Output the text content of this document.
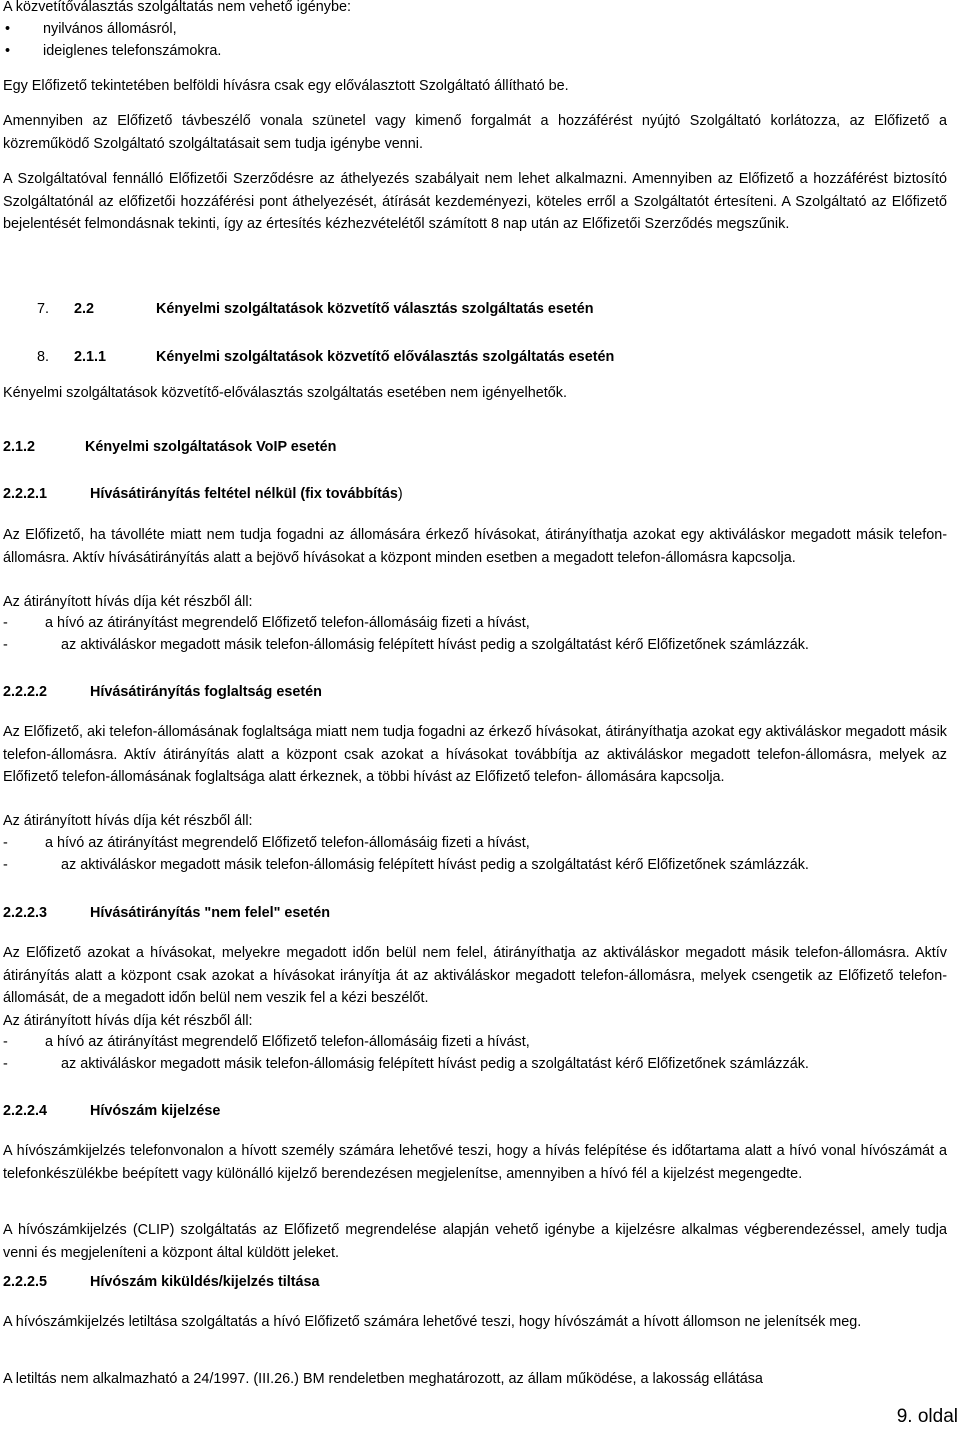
A közvetítőválasztás szolgáltatás nem vehető igénybe:

•	nyilvános állomásról,
•	ideiglenes telefonszámokra.

Egy Előfizető tekintetében belföldi hívásra csak egy előválasztott Szolgáltató állítható be.

Amennyiben az Előfizető távbeszélő vonala szünetel vagy kimenő forgalmát a hozzáférést nyújtó Szolgáltató korlátozza, az Előfizető a közreműködő Szolgáltató szolgáltatásait sem tudja igénybe venni.

A Szolgáltatóval fennálló Előfizetői Szerződésre az áthelyezés szabályait nem lehet alkalmazni. Amennyiben az Előfizető a hozzáférést biztosító Szolgáltatónál az előfizetői hozzáférési pont áthelyezését, átírását kezdeményezi, köteles erről a Szolgáltatót értesíteni. A Szolgáltató az Előfizető bejelentését felmondásnak tekinti, így az értesítés kézhezvételétől számított 8 nap után az Előfizetői Szerződés megszűnik.

7.	2.2	Kényelmi szolgáltatások közvetítő választás szolgáltatás esetén
8.	2.1.1	Kényelmi szolgáltatások közvetítő előválasztás szolgáltatás esetén

Kényelmi szolgáltatások közvetítő-előválasztás szolgáltatás esetében nem igényelhetők.

2.1.2	Kényelmi szolgáltatások VoIP esetén
2.2.2.1	Hívásátirányítás feltétel nélkül (fix továbbítás )

Az Előfizető, ha távolléte miatt nem tudja fogadni az állomására érkező hívásokat, átirányíthatja azokat egy aktiváláskor megadott másik telefon-állomásra. Aktív hívásátirányítás alatt a bejövő hívásokat a központ minden esetben a megadott telefon-állomásra kapcsolja.

Az átirányított hívás díja két részből áll:

-	a hívó az átirányítást megrendelő Előfizető telefon-állomásáig fizeti a hívást,
-	az aktiváláskor megadott másik telefon-állomásig felépített hívást pedig a szolgáltatást kérő Előfizetőnek számlázzák.
2.2.2.2	Hívásátirányítás foglaltság esetén

Az Előfizető, aki telefon-állomásának foglaltsága miatt nem tudja fogadni az érkező hívásokat, átirányíthatja azokat egy aktiváláskor megadott másik telefon-állomásra. Aktív átirányítás alatt a központ csak azokat a hívásokat továbbítja az aktiváláskor megadott telefon-állomásra, melyek az Előfizető telefon-állomásának foglaltsága alatt érkeznek, a többi hívást az Előfizető telefon- állomására kapcsolja.

Az átirányított hívás díja két részből áll:

-	a hívó az átirányítást megrendelő Előfizető telefon-állomásáig fizeti a hívást,
-	az aktiváláskor megadott másik telefon-állomásig felépített hívást pedig a szolgáltatást kérő Előfizetőnek számlázzák.
2.2.2.3	Hívásátirányítás "nem felel" esetén

Az Előfizető azokat a hívásokat, melyekre megadott időn belül nem felel, átirányíthatja az aktiváláskor megadott másik telefon-állomásra. Aktív átirányítás alatt a központ csak azokat a hívásokat irányítja át az aktiváláskor megadott telefon-állomásra, melyek csengetik az Előfizető telefon-állomását, de a megadott időn belül nem veszik fel a kézi beszélőt.

Az átirányított hívás díja két részből áll:

-	a hívó az átirányítást megrendelő Előfizető telefon-állomásáig fizeti a hívást,
-	az aktiváláskor megadott másik telefon-állomásig felépített hívást pedig a szolgáltatást kérő Előfizetőnek számlázzák.
2.2.2.4	Hívószám kijelzése

A hívószámkijelzés telefonvonalon a hívott személy számára lehetővé teszi, hogy a hívás felépítése és időtartama alatt a hívó vonal hívószámát a telefonkészülékbe beépített vagy különálló kijelző berendezésen megjelenítse, amennyiben a hívó fél a kijelzést megengedte.

A hívószámkijelzés (CLIP) szolgáltatás az Előfizető megrendelése alapján vehető igénybe a kijelzésre alkalmas végberendezéssel, amely tudja venni és megjeleníteni a központ által küldött jeleket.

2.2.2.5	Hívószám kiküldés/kijelzés tiltása

A hívószámkijelzés letiltása szolgáltatás a hívó Előfizető számára lehetővé teszi, hogy hívószámát a hívott állomson ne jelenítsék meg.

A letiltás nem alkalmazható a 24/1997. (III.26.) BM rendeletben meghatározott, az állam működése, a lakosság ellátása

9. oldal
